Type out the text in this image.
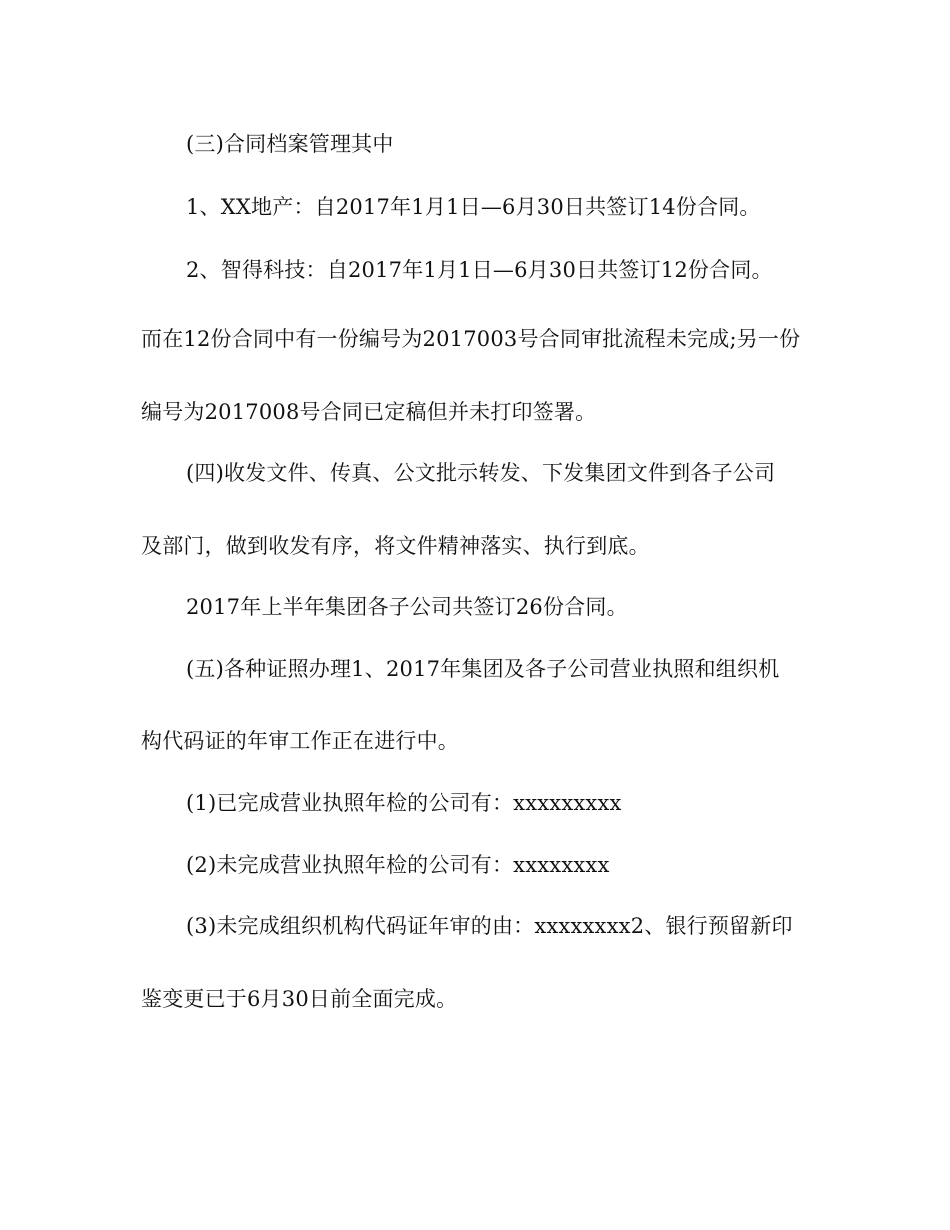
(三)合同档案管理其中
1、XX地产：自2017年1月1日—6月30日共签订14份合同。
2、智得科技：自2017年1月1日—6月30日共签订12份合同。
而在12份合同中有一份编号为2017003号合同审批流程未完成;另一份
编号为2017008号合同已定稿但并未打印签署。
(四)收发文件、传真、公文批示转发、下发集团文件到各子公司
及部门，做到收发有序，将文件精神落实、执行到底。
2017年上半年集团各子公司共签订26份合同。
(五)各种证照办理1、2017年集团及各子公司营业执照和组织机
构代码证的年审工作正在进行中。
(1)已完成营业执照年检的公司有：xxxxxxxxx
(2)未完成营业执照年检的公司有：xxxxxxxx
(3)未完成组织机构代码证年审的由：xxxxxxxx2、银行预留新印
鉴变更已于6月30日前全面完成。
